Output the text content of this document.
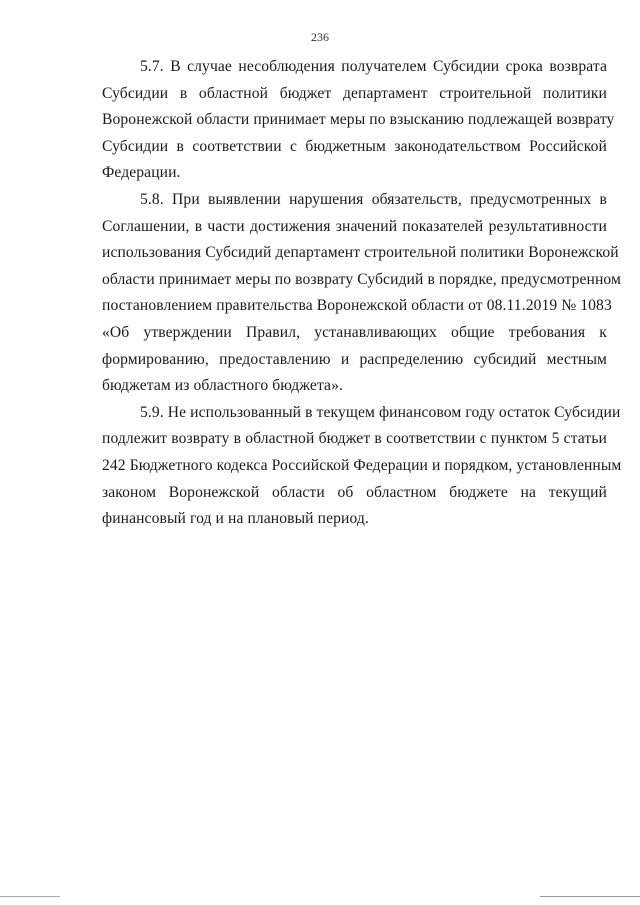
236

5.7. В случае несоблюдения получателем Субсидии срока возврата
Субсидии в областной бюджет департамент строительной политики
Воронежской области принимает меры по взысканию подлежащей возврату
Субсидии в соответствии с бюджетным законодательством Российской
Федерации.

5.8. При выявлении нарушения обязательств, предусмотренных в
Соглашении, в части достижения значений показателей результативности
использования Субсидий департамент строительной политики Воронежской
области принимает меры по возврату Субсидий в порядке, предусмотренном
постановлением правительства Воронежской области от 08.11.2019 № 1083
«Об утверждении Правил, устанавливающих общие требования к
формированию, предоставлению и распределению субсидий местным
бюджетам из областного бюджета».

5.9. Не использованный в текущем финансовом году остаток Субсидии
подлежит возврату в областной бюджет в соответствии с пунктом 5 статьи
242 Бюджетного кодекса Российской Федерации и порядком, установленным
законом Воронежской области об областном бюджете на текущий
финансовый год и на плановый период.
